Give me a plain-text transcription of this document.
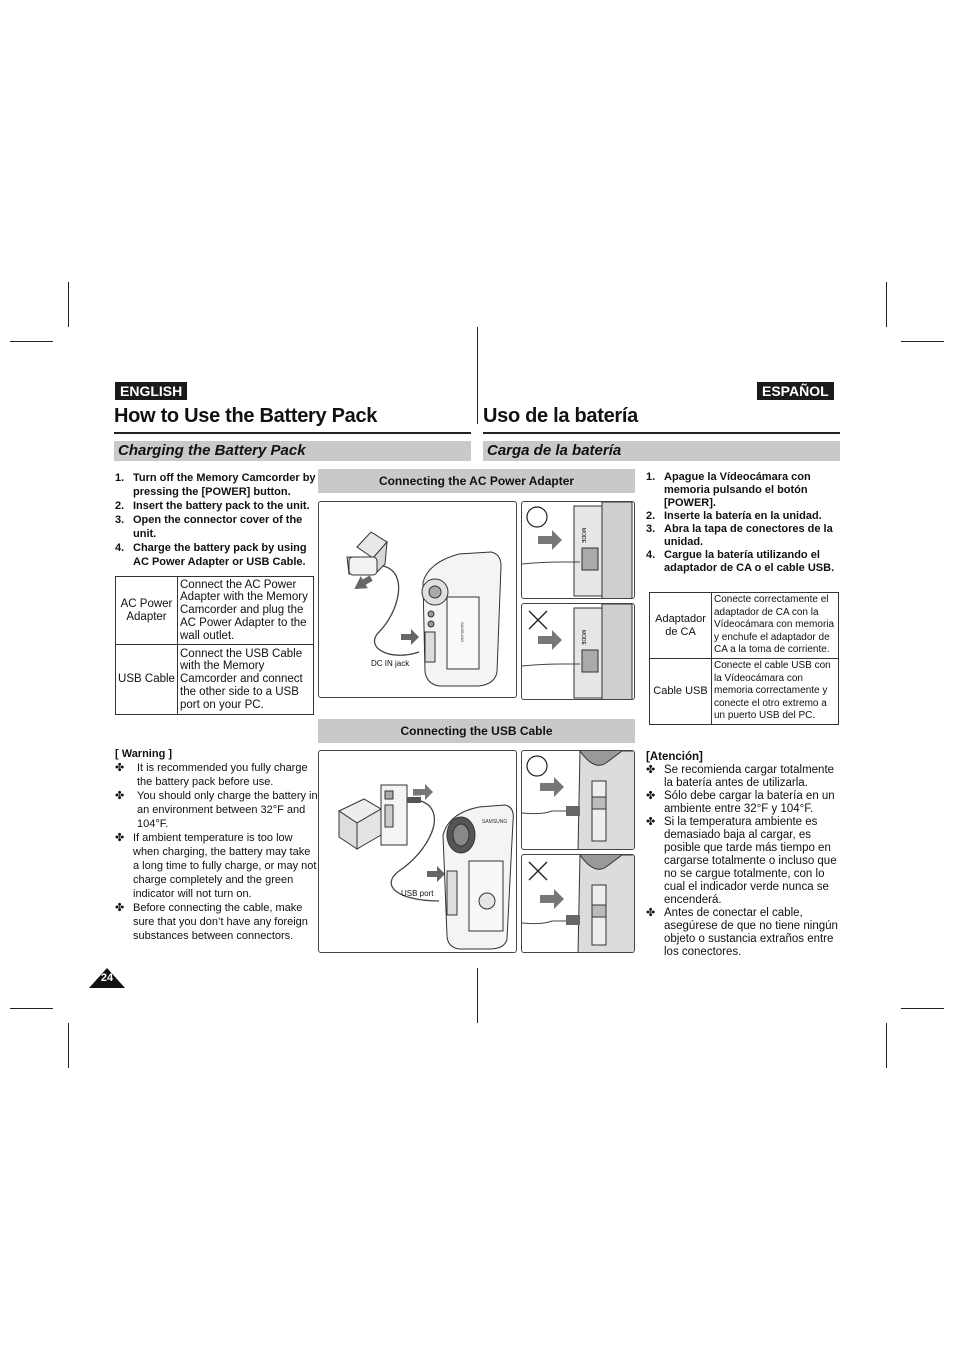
ENGLISH	ESPAÑOL
How to Use the Battery Pack	Uso de la batería
Charging the Battery Pack	Carga de la batería
1. Turn off the Memory Camcorder by pressing the [POWER] button.
2. Insert the battery pack to the unit.
3. Open the connector cover of the unit.
4. Charge the battery pack by using AC Power Adapter or USB Cable.
AC Power Adapter	Connect the AC Power Adapter with the Memory Camcorder and plug the AC Power Adapter to the wall outlet.
USB Cable	Connect the USB Cable with the Memory Camcorder and connect the other side to a USB port on your PC.
[ Warning ]
✤ It is recommended you fully charge the battery pack before use.
✤ You should only charge the battery in an environment between 32°F and 104°F.
✤ If ambient temperature is too low when charging, the battery may take a long time to fully charge, or may not charge completely and the green indicator will not turn on.
✤ Before connecting the cable, make sure that you don’t have any foreign substances between connectors.
24
Connecting the AC Power Adapter
Connecting the USB Cable
SAMSUNG
DC IN jack
MODE
MODE
SAMSUNG
USB port
1. Apague la Vídeocámara con memoria pulsando el botón [POWER].
2. Inserte la batería en la unidad.
3. Abra la tapa de conectores de la unidad.
4. Cargue la batería utilizando el adaptador de CA o el cable USB.
Adaptador de CA	Conecte correctamente el adaptador de CA con la Vídeocámara con memoria y enchufe el adaptador de CA a la toma de corriente.
Cable USB	Conecte el cable USB con la Vídeocámara con memoria correctamente y conecte el otro extremo a un puerto USB del PC.
[Atención]
✤ Se recomienda cargar totalmente la batería antes de utilizarla.
✤ Sólo debe cargar la batería en un ambiente entre 32°F y 104°F.
✤ Si la temperatura ambiente es demasiado baja al cargar, es posible que tarde más tiempo en cargarse totalmente o incluso que no se cargue totalmente, con lo cual el indicador verde nunca se encenderá.
✤ Antes de conectar el cable, asegúrese de que no tiene ningún objeto o sustancia extraños entre los conectores.
